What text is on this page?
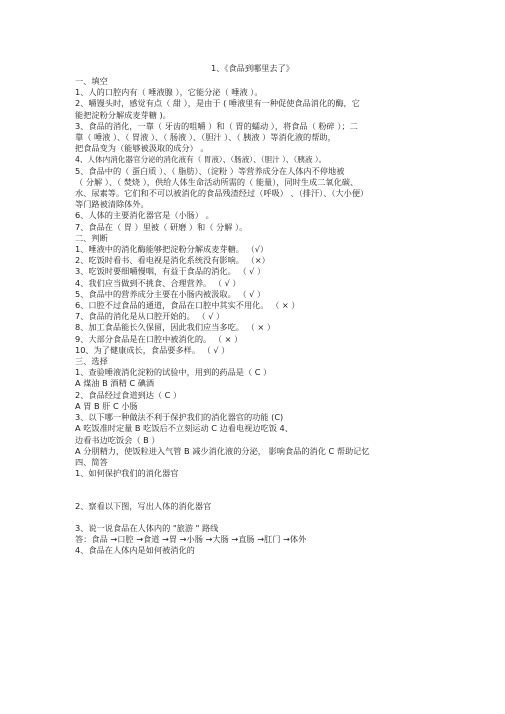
1、《食品到哪里去了》
一、填空
1、人的口腔内有（ 唾液腺 ），它能分泌（ 唾液 ）。
2、嚼馒头时，感觉有点（ 甜 ），是由于 ( 唾液里有一种促使食品消化的酶，它
能把淀粉分解成麦芽糖 )。
3、食品的消化，一靠（ 牙齿的咀嚼 ）和（ 胃的蠕动 ），将食品（ 粉碎 ）；二
靠（ 唾液 ）、（ 胃液 ）、（ 肠液 ）、（胆汁 ）、（ 胰液 ）等消化液的帮助，
把食品变为（能够被汲取的成分） 。
4、人体内消化器官分泌的消化液有（ 胃液）、（肠液）、（胆汁 ）、（胰液 ）。
5、食品中的（ 蛋白质 ）、（ 脂肪）、（淀粉 ）等营养成分在人体内不停地被
（ 分解 ）、（ 焚烧 ），供给人体生命活动所需的（ 能量），同时生成二氧化碳、
水、尿素等。它们和不可以被消化的食品残渣经过（呼吸） 、（排汗）、（大小便）
等门路被清除体外。
6、人体的主要消化器官是（小肠） 。
7、食品在（ 胃 ）里被（ 研磨 ）和（ 分解 ）。
二、判断
1、唾液中的消化酶能够把淀粉分解成麦芽糖。 （√）
2、吃饭时看书、看电视是消化系统没有影响。 （×）
3、吃饭时要细嚼慢咽，有益于食品的消化。 （ √ ）
4、我们应当做到不挑食、合理营养。 （ √ ）
5、食品中的营养成分主要在小肠内被汲取。 （ √ ）
6、口腔不过食品的通道，食品在口腔中其实不用化。 （ × ）
7、食品的消化是从口腔开始的。 （ √ ）
8、加工食品能长久保留，因此我们应当多吃。 （ × ）
9、大部分食品是在口腔中被消化的。 （ × ）
10、为了健康成长，食品要多样。 （ √ ）
三、选择
1、查验唾液消化淀粉的试验中，用到的药品是（ C ）
A 煤油 B 酒精 C 碘酒
2、食品经过食道到达（ C ）
A 胃 B 肝 C 小肠
3、以下哪一种做法不利于保护我们的消化器官的功能 (C)
A 吃饭准时定量 B 吃饭后不立刻运动 C 边看电视边吃饭 4、
边看书边吃饭会（ B ）
A 分朋精力，使饭粒进入气管 B 减少消化液的分泌， 影响食品的消化 C 帮助记忆
四、简答
1、如何保护我们的消化器官
2、察看以下图，写出人体的消化器官
3、说一说食品在人体内的 "旅游 " 路线
答：食品 →口腔 →食道 →胃 →小肠 →大肠 →直肠 →肛门 →体外
4、食品在人体内是如何被消化的
